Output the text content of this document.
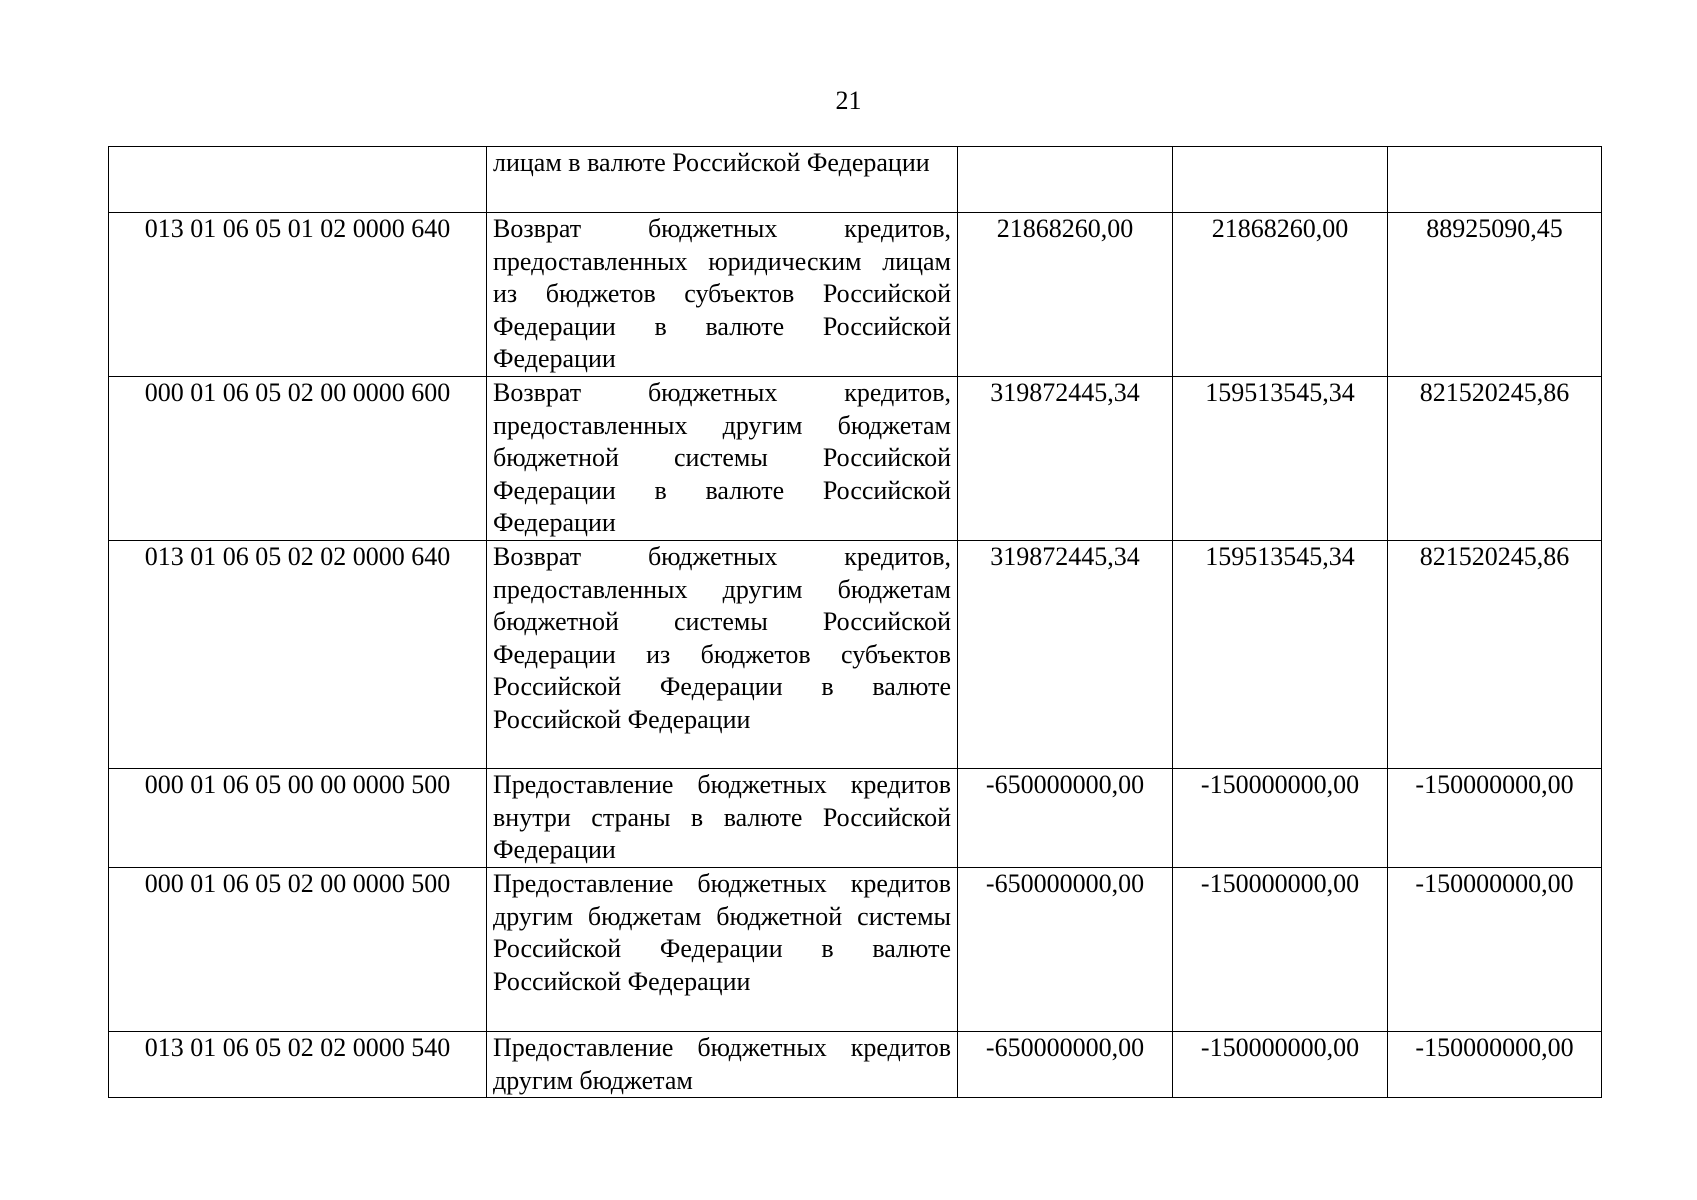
21
	лицам в валюте Российской Федерации			
013 01 06 05 01 02 0000 640	Возврат бюджетных кредитов, предоставленных юридическим лицам из бюджетов субъектов Российской Федерации в валюте Российской Федерации	21868260,00	21868260,00	88925090,45
000 01 06 05 02 00 0000 600	Возврат бюджетных кредитов, предоставленных другим бюджетам бюджетной системы Российской Федерации в валюте Российской Федерации	319872445,34	159513545,34	821520245,86
013 01 06 05 02 02 0000 640	Возврат бюджетных кредитов, предоставленных другим бюджетам бюджетной системы Российской Федерации из бюджетов субъектов Российской Федерации в валюте Российской Федерации	319872445,34	159513545,34	821520245,86
000 01 06 05 00 00 0000 500	Предоставление бюджетных кредитов внутри страны в валюте Российской Федерации	-650000000,00	-150000000,00	-150000000,00
000 01 06 05 02 00 0000 500	Предоставление бюджетных кредитов другим бюджетам бюджетной системы Российской Федерации в валюте Российской Федерации	-650000000,00	-150000000,00	-150000000,00
013 01 06 05 02 02 0000 540	Предоставление бюджетных кредитов другим бюджетам	-650000000,00	-150000000,00	-150000000,00
